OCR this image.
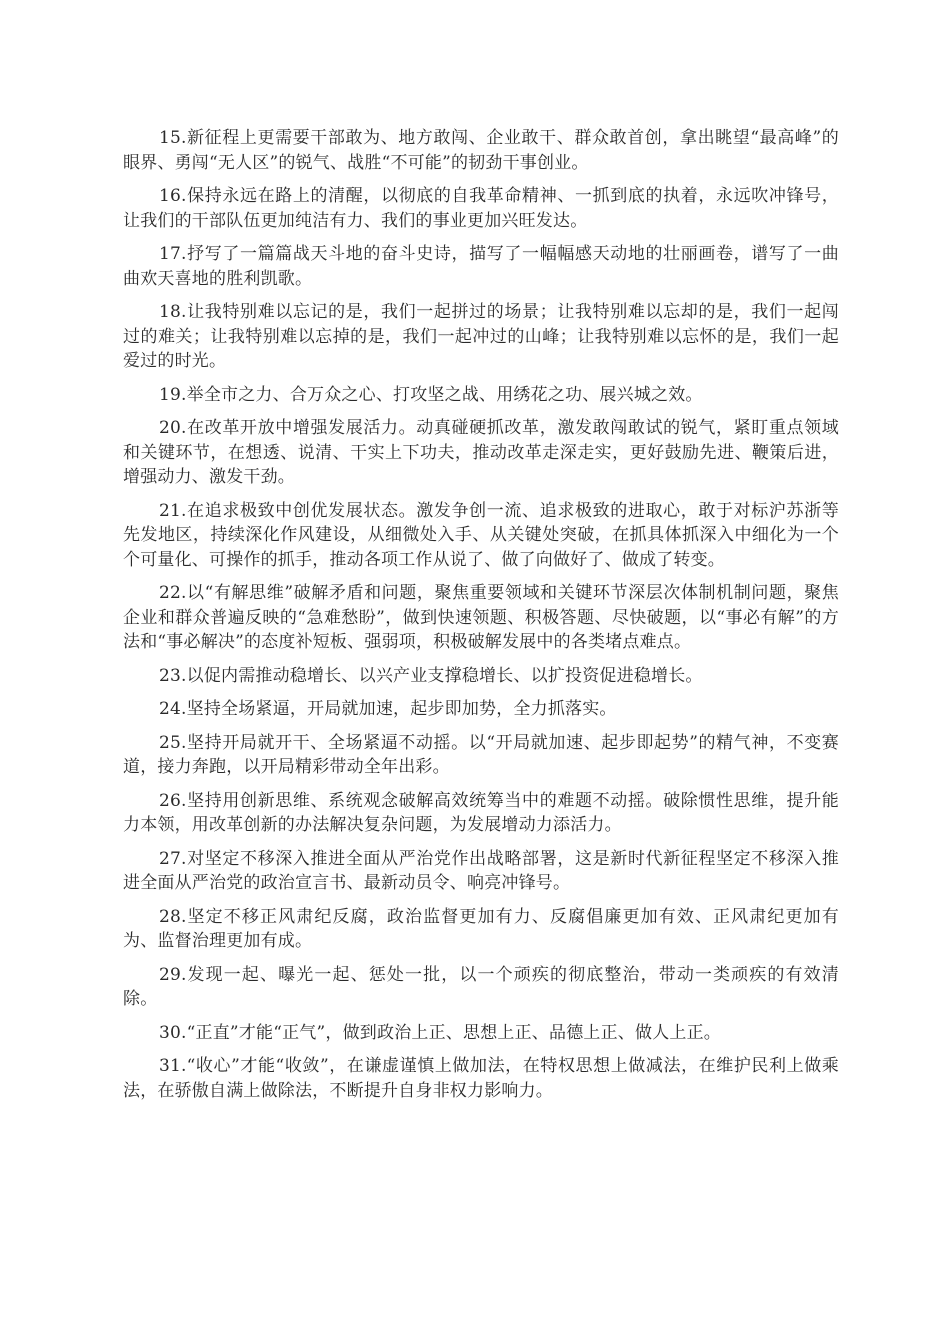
15.新征程上更需要干部敢为、地方敢闯、企业敢干、群众敢首创，拿出眺望“最高峰”的眼界、勇闯“无人区”的锐气、战胜“不可能”的韧劲干事创业。

16.保持永远在路上的清醒，以彻底的自我革命精神、一抓到底的执着，永远吹冲锋号，让我们的干部队伍更加纯洁有力、我们的事业更加兴旺发达。

17.抒写了一篇篇战天斗地的奋斗史诗，描写了一幅幅感天动地的壮丽画卷，谱写了一曲曲欢天喜地的胜利凯歌。

18.让我特别难以忘记的是，我们一起拼过的场景；让我特别难以忘却的是，我们一起闯过的难关；让我特别难以忘掉的是，我们一起冲过的山峰；让我特别难以忘怀的是，我们一起爱过的时光。

19.举全市之力、合万众之心、打攻坚之战、用绣花之功、展兴城之效。

20.在改革开放中增强发展活力。动真碰硬抓改革，激发敢闯敢试的锐气，紧盯重点领域和关键环节，在想透、说清、干实上下功夫，推动改革走深走实，更好鼓励先进、鞭策后进，增强动力、激发干劲。

21.在追求极致中创优发展状态。激发争创一流、追求极致的进取心，敢于对标沪苏浙等先发地区，持续深化作风建设，从细微处入手、从关键处突破，在抓具体抓深入中细化为一个个可量化、可操作的抓手，推动各项工作从说了、做了向做好了、做成了转变。

22.以“有解思维”破解矛盾和问题，聚焦重要领域和关键环节深层次体制机制问题，聚焦企业和群众普遍反映的“急难愁盼”，做到快速领题、积极答题、尽快破题，以“事必有解”的方法和“事必解决”的态度补短板、强弱项，积极破解发展中的各类堵点难点。

23.以促内需推动稳增长、以兴产业支撑稳增长、以扩投资促进稳增长。

24.坚持全场紧逼，开局就加速，起步即加势，全力抓落实。

25.坚持开局就开干、全场紧逼不动摇。以“开局就加速、起步即起势”的精气神，不变赛道，接力奔跑，以开局精彩带动全年出彩。

26.坚持用创新思维、系统观念破解高效统筹当中的难题不动摇。破除惯性思维，提升能力本领，用改革创新的办法解决复杂问题，为发展增动力添活力。

27.对坚定不移深入推进全面从严治党作出战略部署，这是新时代新征程坚定不移深入推进全面从严治党的政治宣言书、最新动员令、响亮冲锋号。

28.坚定不移正风肃纪反腐，政治监督更加有力、反腐倡廉更加有效、正风肃纪更加有为、监督治理更加有成。

29.发现一起、曝光一起、惩处一批，以一个顽疾的彻底整治，带动一类顽疾的有效清除。

30.“正直”才能“正气”，做到政治上正、思想上正、品德上正、做人上正。

31.“收心”才能“收敛”，在谦虚谨慎上做加法，在特权思想上做减法，在维护民利上做乘法，在骄傲自满上做除法，不断提升自身非权力影响力。
